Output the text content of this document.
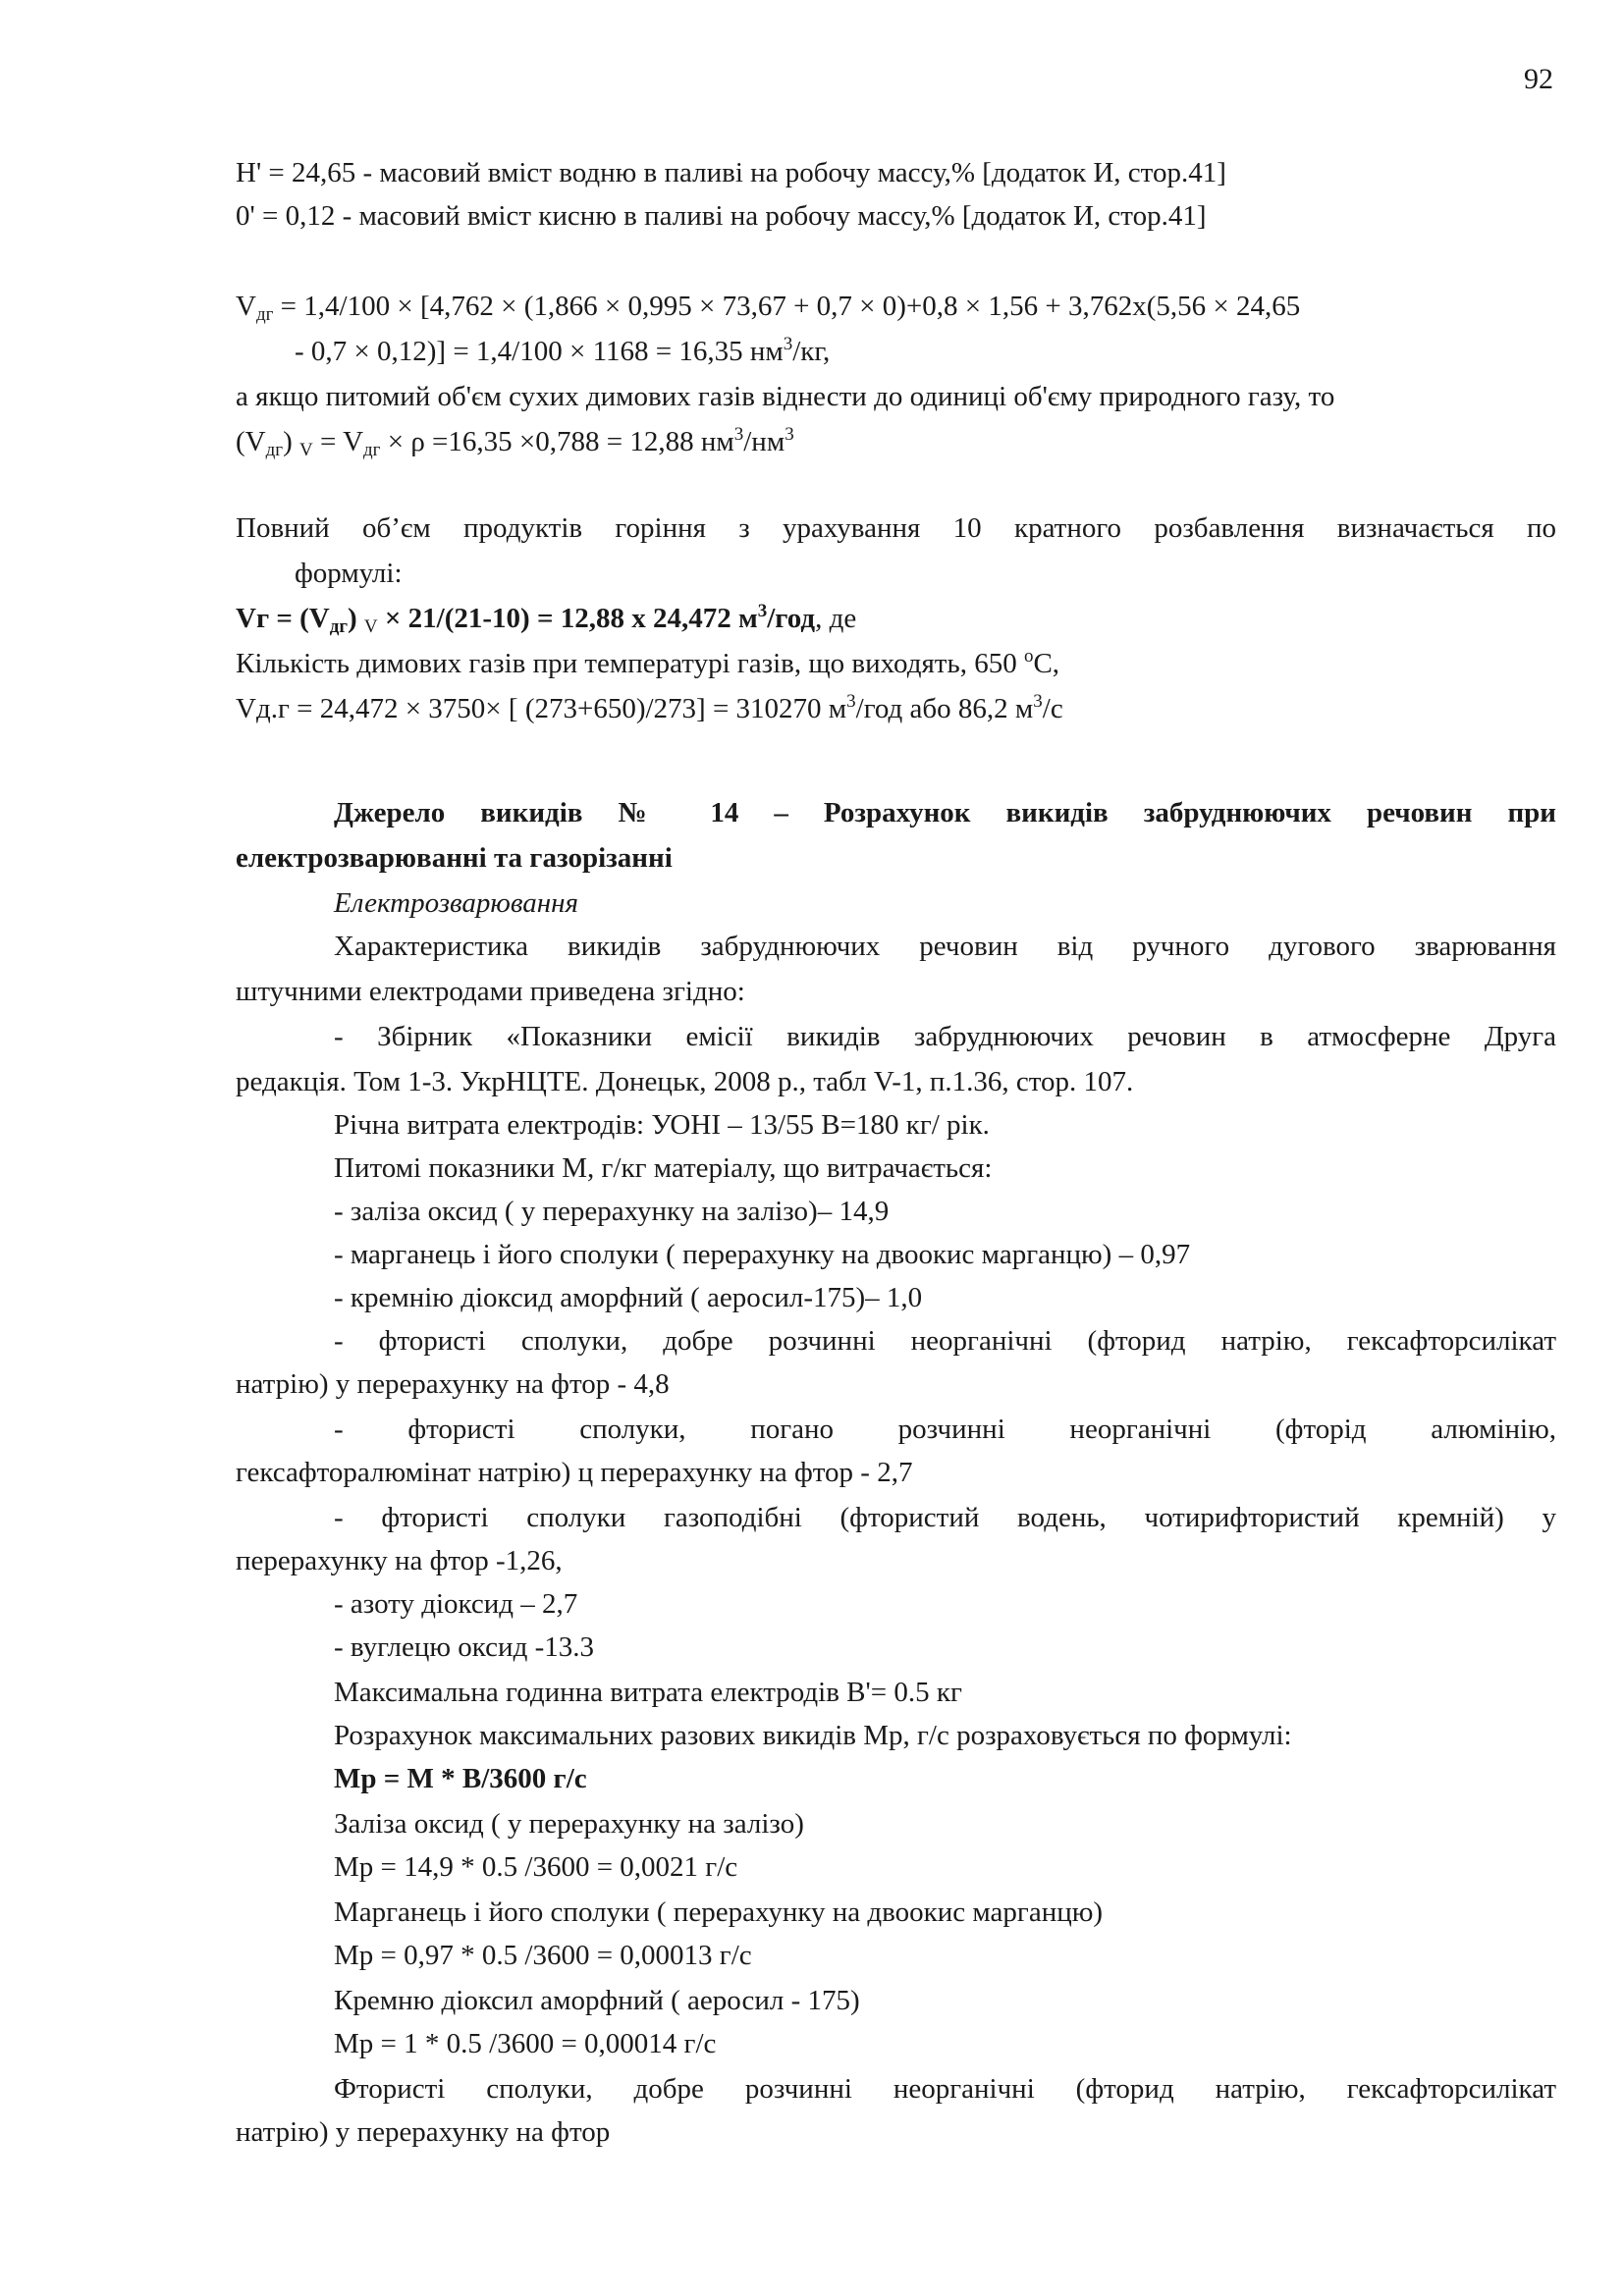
92
Н' = 24,65 - масовий вміст водню в паливі на робочу массу,% [додаток И, стор.41]
0' = 0,12 - масовий вміст кисню в паливі на робочу массу,% [додаток И, стор.41]
$V_{дг} = 1,4/100 \times [4,762 \times (1,866 \times 0,995 \times 73,67 + 0,7 \times 0)+0,8 \times 1,56 + 3,762х(5,56 \times 24,65$
- 0,7 × 0,12)] = 1,4/100 × 1168 = 16,35 $нм^3/кг$,
а якщо питомий об'єм сухих димових газів віднести до одиниці об'єму природного газу, то
$(V_{дг}) _V = V_{дг} \times \rho =16,35 \times 0,788 = 12,88$ $нм^3/нм^3$
Повний об’єм продуктів горіння з урахування 10 кратного розбавлення визначається по
формулі:
Vг = $(V_{дг}) _V \times 21/(21-10) = 12,88$ х 24,472 $м^3$/год, де
Кількість димових газів при температурі газів, що виходять, 650 $^о$С,
Vд.г = 24,472 × 3750× [ (273+650)/273] = 310270 $м^3$/год або 86,2 $м^3/с$
Джерело викидів № 14 – Розрахунок викидів забруднюючих речовин при
електрозварюванні та газорізанні
Електрозварювання
Характеристика викидів забруднюючих речовин від ручного дугового зварювання
штучними електродами приведена згідно:
- Збірник «Показники емісії викидів забруднюючих речовин в атмосферне Друга
редакція. Том 1-3. УкрНЦТЕ. Донецьк, 2008 р., табл V-1, п.1.36, стор. 107.
Річна витрата електродів: УОНІ – 13/55 В=180 кг/ рік.
Питомі показники М, г/кг матеріалу, що витрачається:
- заліза оксид ( у перерахунку на залізо)– 14,9
- марганець і його сполуки ( перерахунку на двоокис марганцю) – 0,97
- кремнію діоксид аморфний ( аеросил-175)– 1,0
- фтористі сполуки, добре розчинні неорганічні (фторид натрію, гексафторсилікат
натрію) у перерахунку на фтор - 4,8
- фтористі сполуки, погано розчинні неорганічні (фторід алюмінію,
гексафторалюмінат натрію) ц перерахунку на фтор - 2,7
- фтористі сполуки газоподібні (фтористий водень, чотирифтористий кремній) у
перерахунку на фтор -1,26,
- азоту діоксид – 2,7
- вуглецю оксид -13.3
Максимальна годинна витрата електродів В'= 0.5 кг
Розрахунок максимальних разових викидів Мр, г/с розраховується по формулі:
Мр = М * В/3600 г/с
Заліза оксид ( у перерахунку на залізо)
Мр = 14,9 * 0.5 /3600 = 0,0021 г/с
Марганець і його сполуки ( перерахунку на двоокис марганцю)
Мр = 0,97 * 0.5 /3600 = 0,00013 г/с
Кремню діоксил аморфний ( аеросил - 175)
Мр = 1 * 0.5 /3600 = 0,00014 г/с
Фтористі сполуки, добре розчинні неорганічні (фторид натрію, гексафторсилікат
натрію) у перерахунку на фтор
